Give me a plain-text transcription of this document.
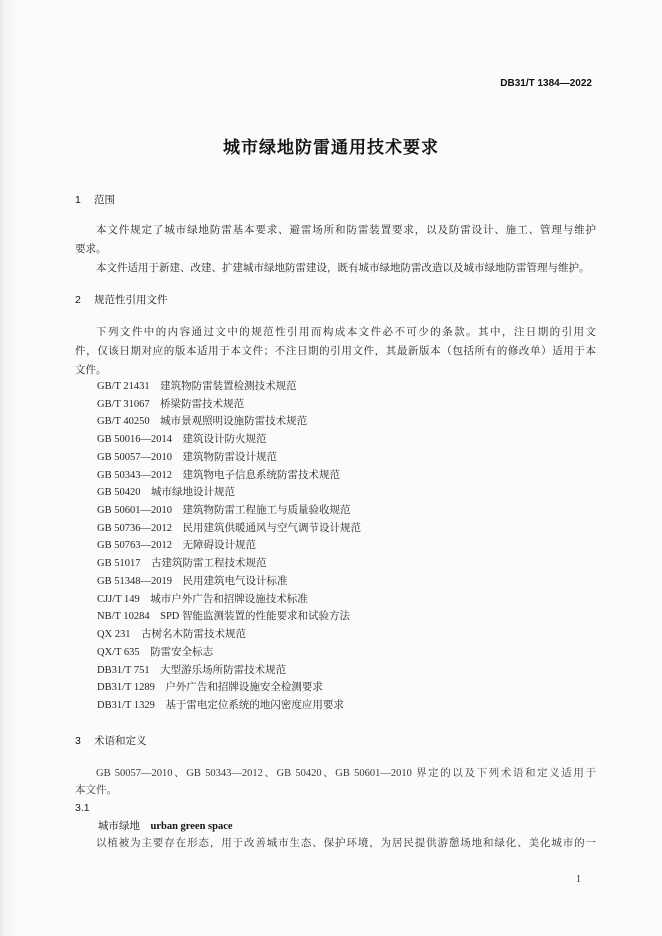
DB31/T 1384—2022
城市绿地防雷通用技术要求
1 范围
本文件规定了城市绿地防雷基本要求、避雷场所和防雷装置要求，以及防雷设计、施工、管理与维护
要求。
本文件适用于新建、改建、扩建城市绿地防雷建设，既有城市绿地防雷改造以及城市绿地防雷管理与维护。
2 规范性引用文件
下列文件中的内容通过文中的规范性引用而构成本文件必不可少的条款。其中，注日期的引用文
件，仅该日期对应的版本适用于本文件；不注日期的引用文件，其最新版本（包括所有的修改单）适用于本
文件。
GB/T 21431 建筑物防雷装置检测技术规范
GB/T 31067 桥梁防雷技术规范
GB/T 40250 城市景观照明设施防雷技术规范
GB 50016—2014 建筑设计防火规范
GB 50057—2010 建筑物防雷设计规范
GB 50343—2012 建筑物电子信息系统防雷技术规范
GB 50420 城市绿地设计规范
GB 50601—2010 建筑物防雷工程施工与质量验收规范
GB 50736—2012 民用建筑供暖通风与空气调节设计规范
GB 50763—2012 无障碍设计规范
GB 51017 古建筑防雷工程技术规范
GB 51348—2019 民用建筑电气设计标准
CJJ/T 149 城市户外广告和招牌设施技术标准
NB/T 10284 SPD 智能监测装置的性能要求和试验方法
QX 231 古树名木防雷技术规范
QX/T 635 防雷安全标志
DB31/T 751 大型游乐场所防雷技术规范
DB31/T 1289 户外广告和招牌设施安全检测要求
DB31/T 1329 基于雷电定位系统的地闪密度应用要求
3 术语和定义
GB 50057—2010、GB 50343—2012、GB 50420、GB 50601—2010 界定的以及下列术语和定义适用于
本文件。
3.1
城市绿地 urban green space
以植被为主要存在形态，用于改善城市生态、保护环境，为居民提供游憩场地和绿化、美化城市的一
1
